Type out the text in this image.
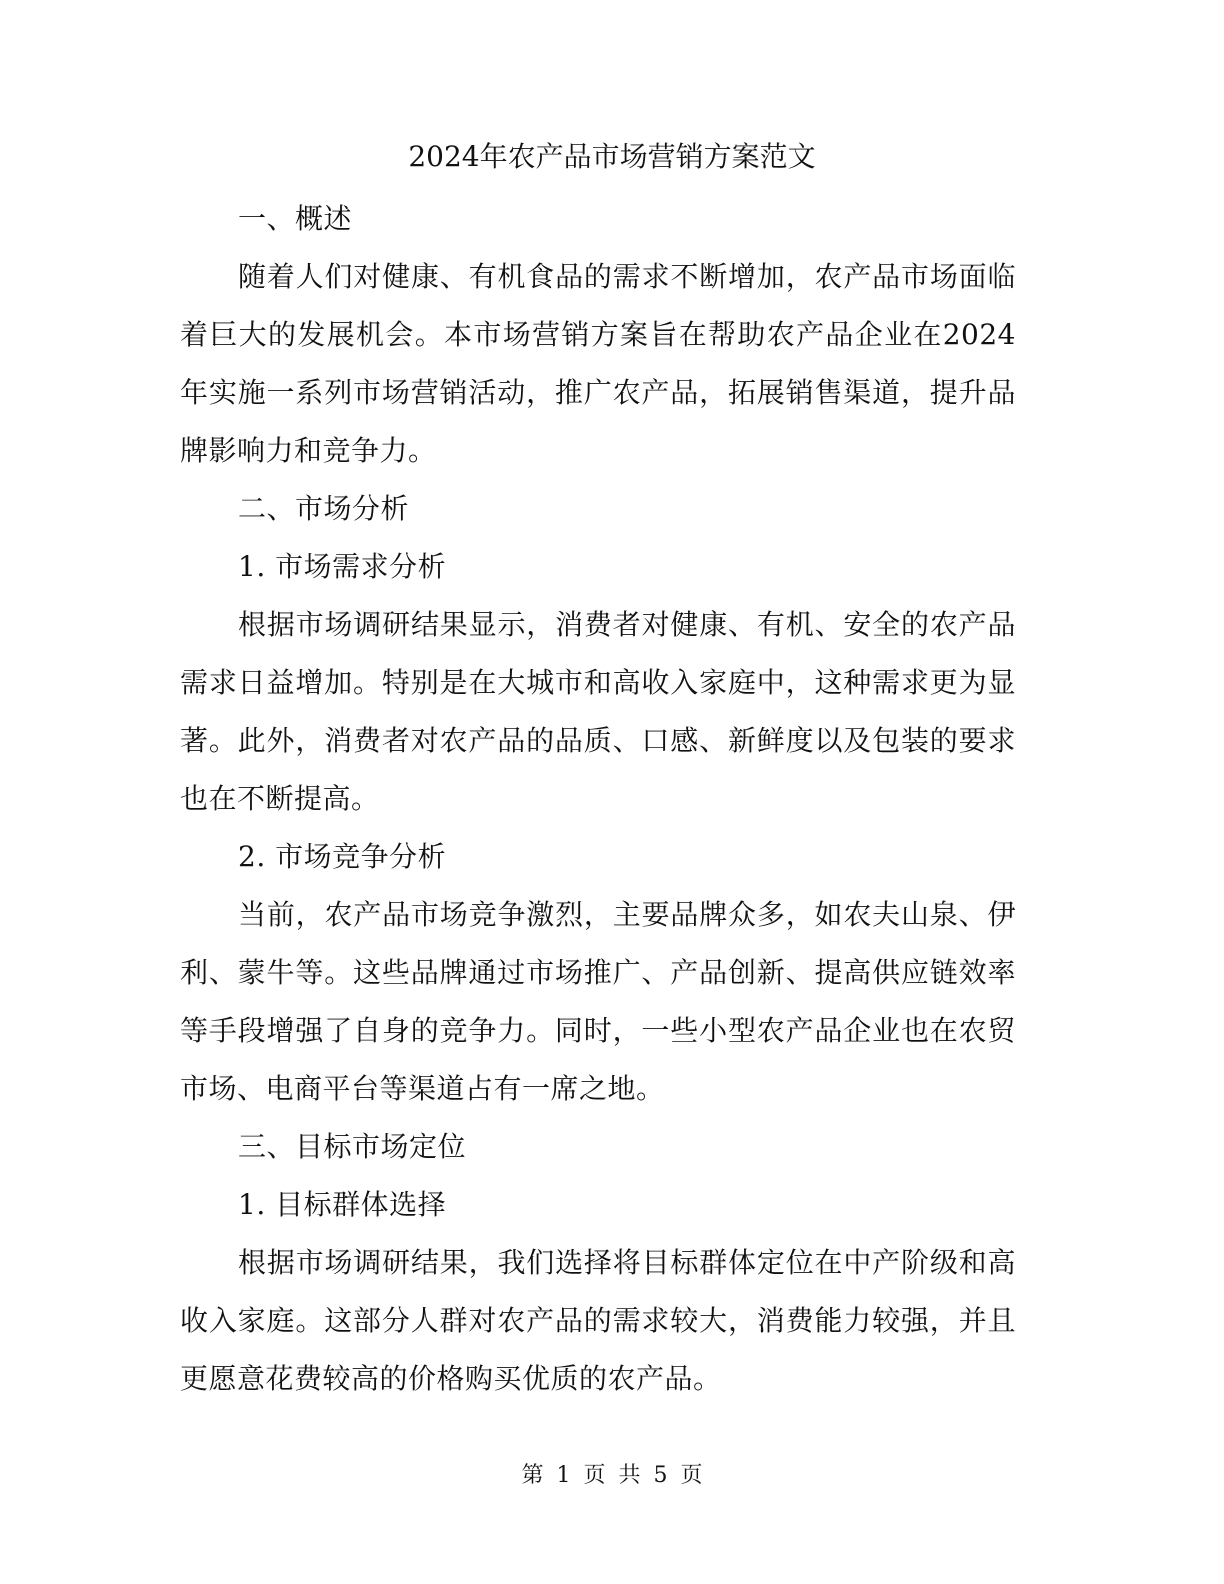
2024年农产品市场营销方案范文

一、概述

随着人们对健康、有机食品的需求不断增加，农产品市场面临着巨大的发展机会。本市场营销方案旨在帮助农产品企业在2024年实施一系列市场营销活动，推广农产品，拓展销售渠道，提升品牌影响力和竞争力。

二、市场分析

1. 市场需求分析

根据市场调研结果显示，消费者对健康、有机、安全的农产品需求日益增加。特别是在大城市和高收入家庭中，这种需求更为显著。此外，消费者对农产品的品质、口感、新鲜度以及包装的要求也在不断提高。

2. 市场竞争分析

当前，农产品市场竞争激烈，主要品牌众多，如农夫山泉、伊利、蒙牛等。这些品牌通过市场推广、产品创新、提高供应链效率等手段增强了自身的竞争力。同时，一些小型农产品企业也在农贸市场、电商平台等渠道占有一席之地。

三、目标市场定位

1. 目标群体选择

根据市场调研结果，我们选择将目标群体定位在中产阶级和高收入家庭。这部分人群对农产品的需求较大，消费能力较强，并且更愿意花费较高的价格购买优质的农产品。

第 1 页 共 5 页
